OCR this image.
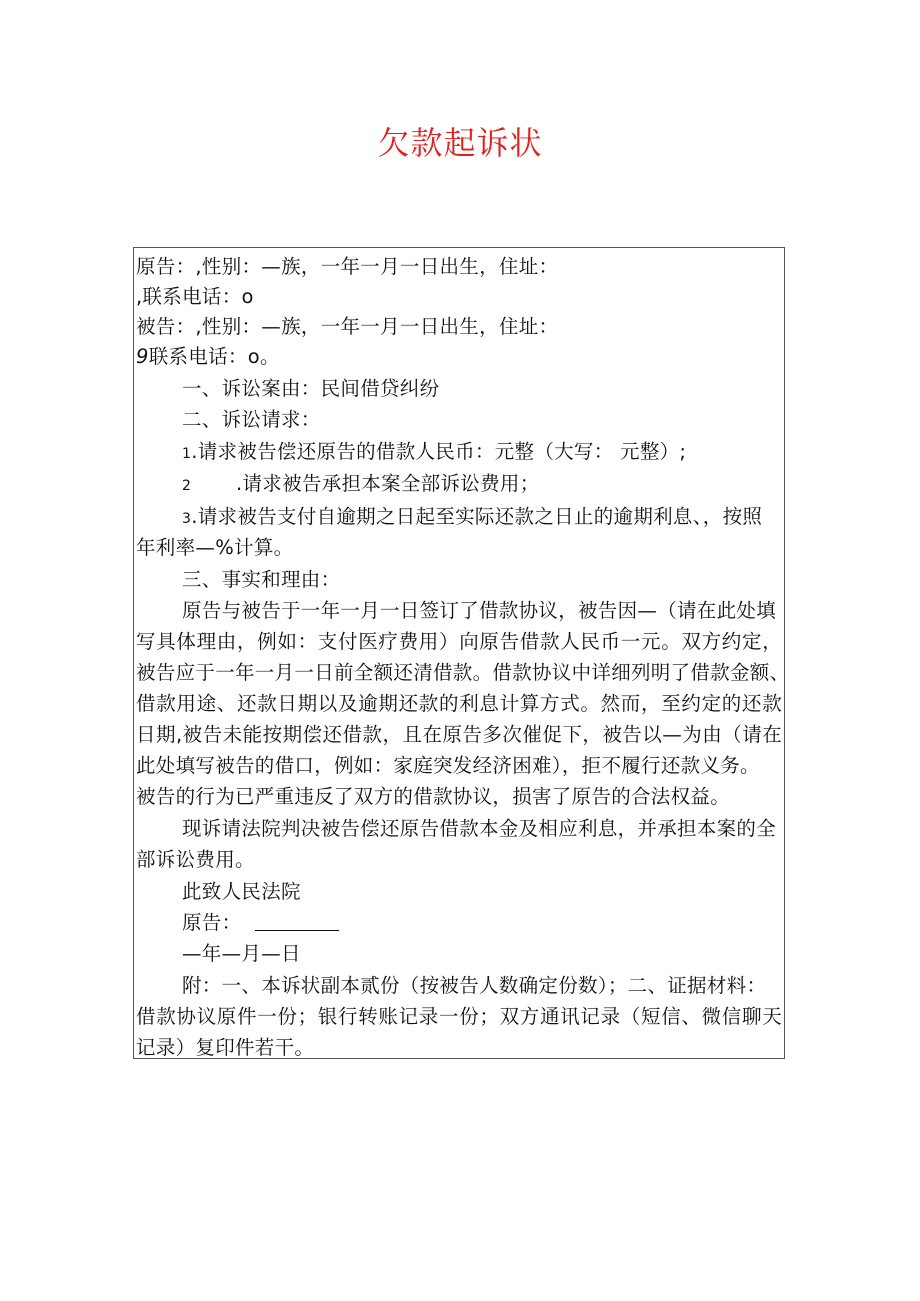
欠款起诉状
原告：,性别：—族，一年一月一日出生，住址：
,联系电话：o
被告：,性别：—族，一年一月一日出生，住址：
9联系电话：o。
一、诉讼案由：民间借贷纠纷
二、诉讼请求：
1.请求被告偿还原告的借款人民币：元整（大写： 元整）;
2 .请求被告承担本案全部诉讼费用；
3.请求被告支付自逾期之日起至实际还款之日止的逾期利息、，按照
年利率—%计算。
三、事实和理由：
原告与被告于一年一月一日签订了借款协议，被告因—（请在此处填
写具体理由，例如：支付医疗费用）向原告借款人民币一元。双方约定，
被告应于一年一月一日前全额还清借款。借款协议中详细列明了借款金额、
借款用途、还款日期以及逾期还款的利息计算方式。然而，至约定的还款
日期,被告未能按期偿还借款，且在原告多次催促下，被告以—为由（请在
此处填写被告的借口，例如：家庭突发经济困难），拒不履行还款义务。
被告的行为已严重违反了双方的借款协议，损害了原告的合法权益。
现诉请法院判决被告偿还原告借款本金及相应利息，并承担本案的全
部诉讼费用。
此致人民法院
原告：
—年—月—日
附：一、本诉状副本贰份（按被告人数确定份数）；二、证据材料：
借款协议原件一份；银行转账记录一份；双方通讯记录（短信、微信聊天
记录）复印件若干。
